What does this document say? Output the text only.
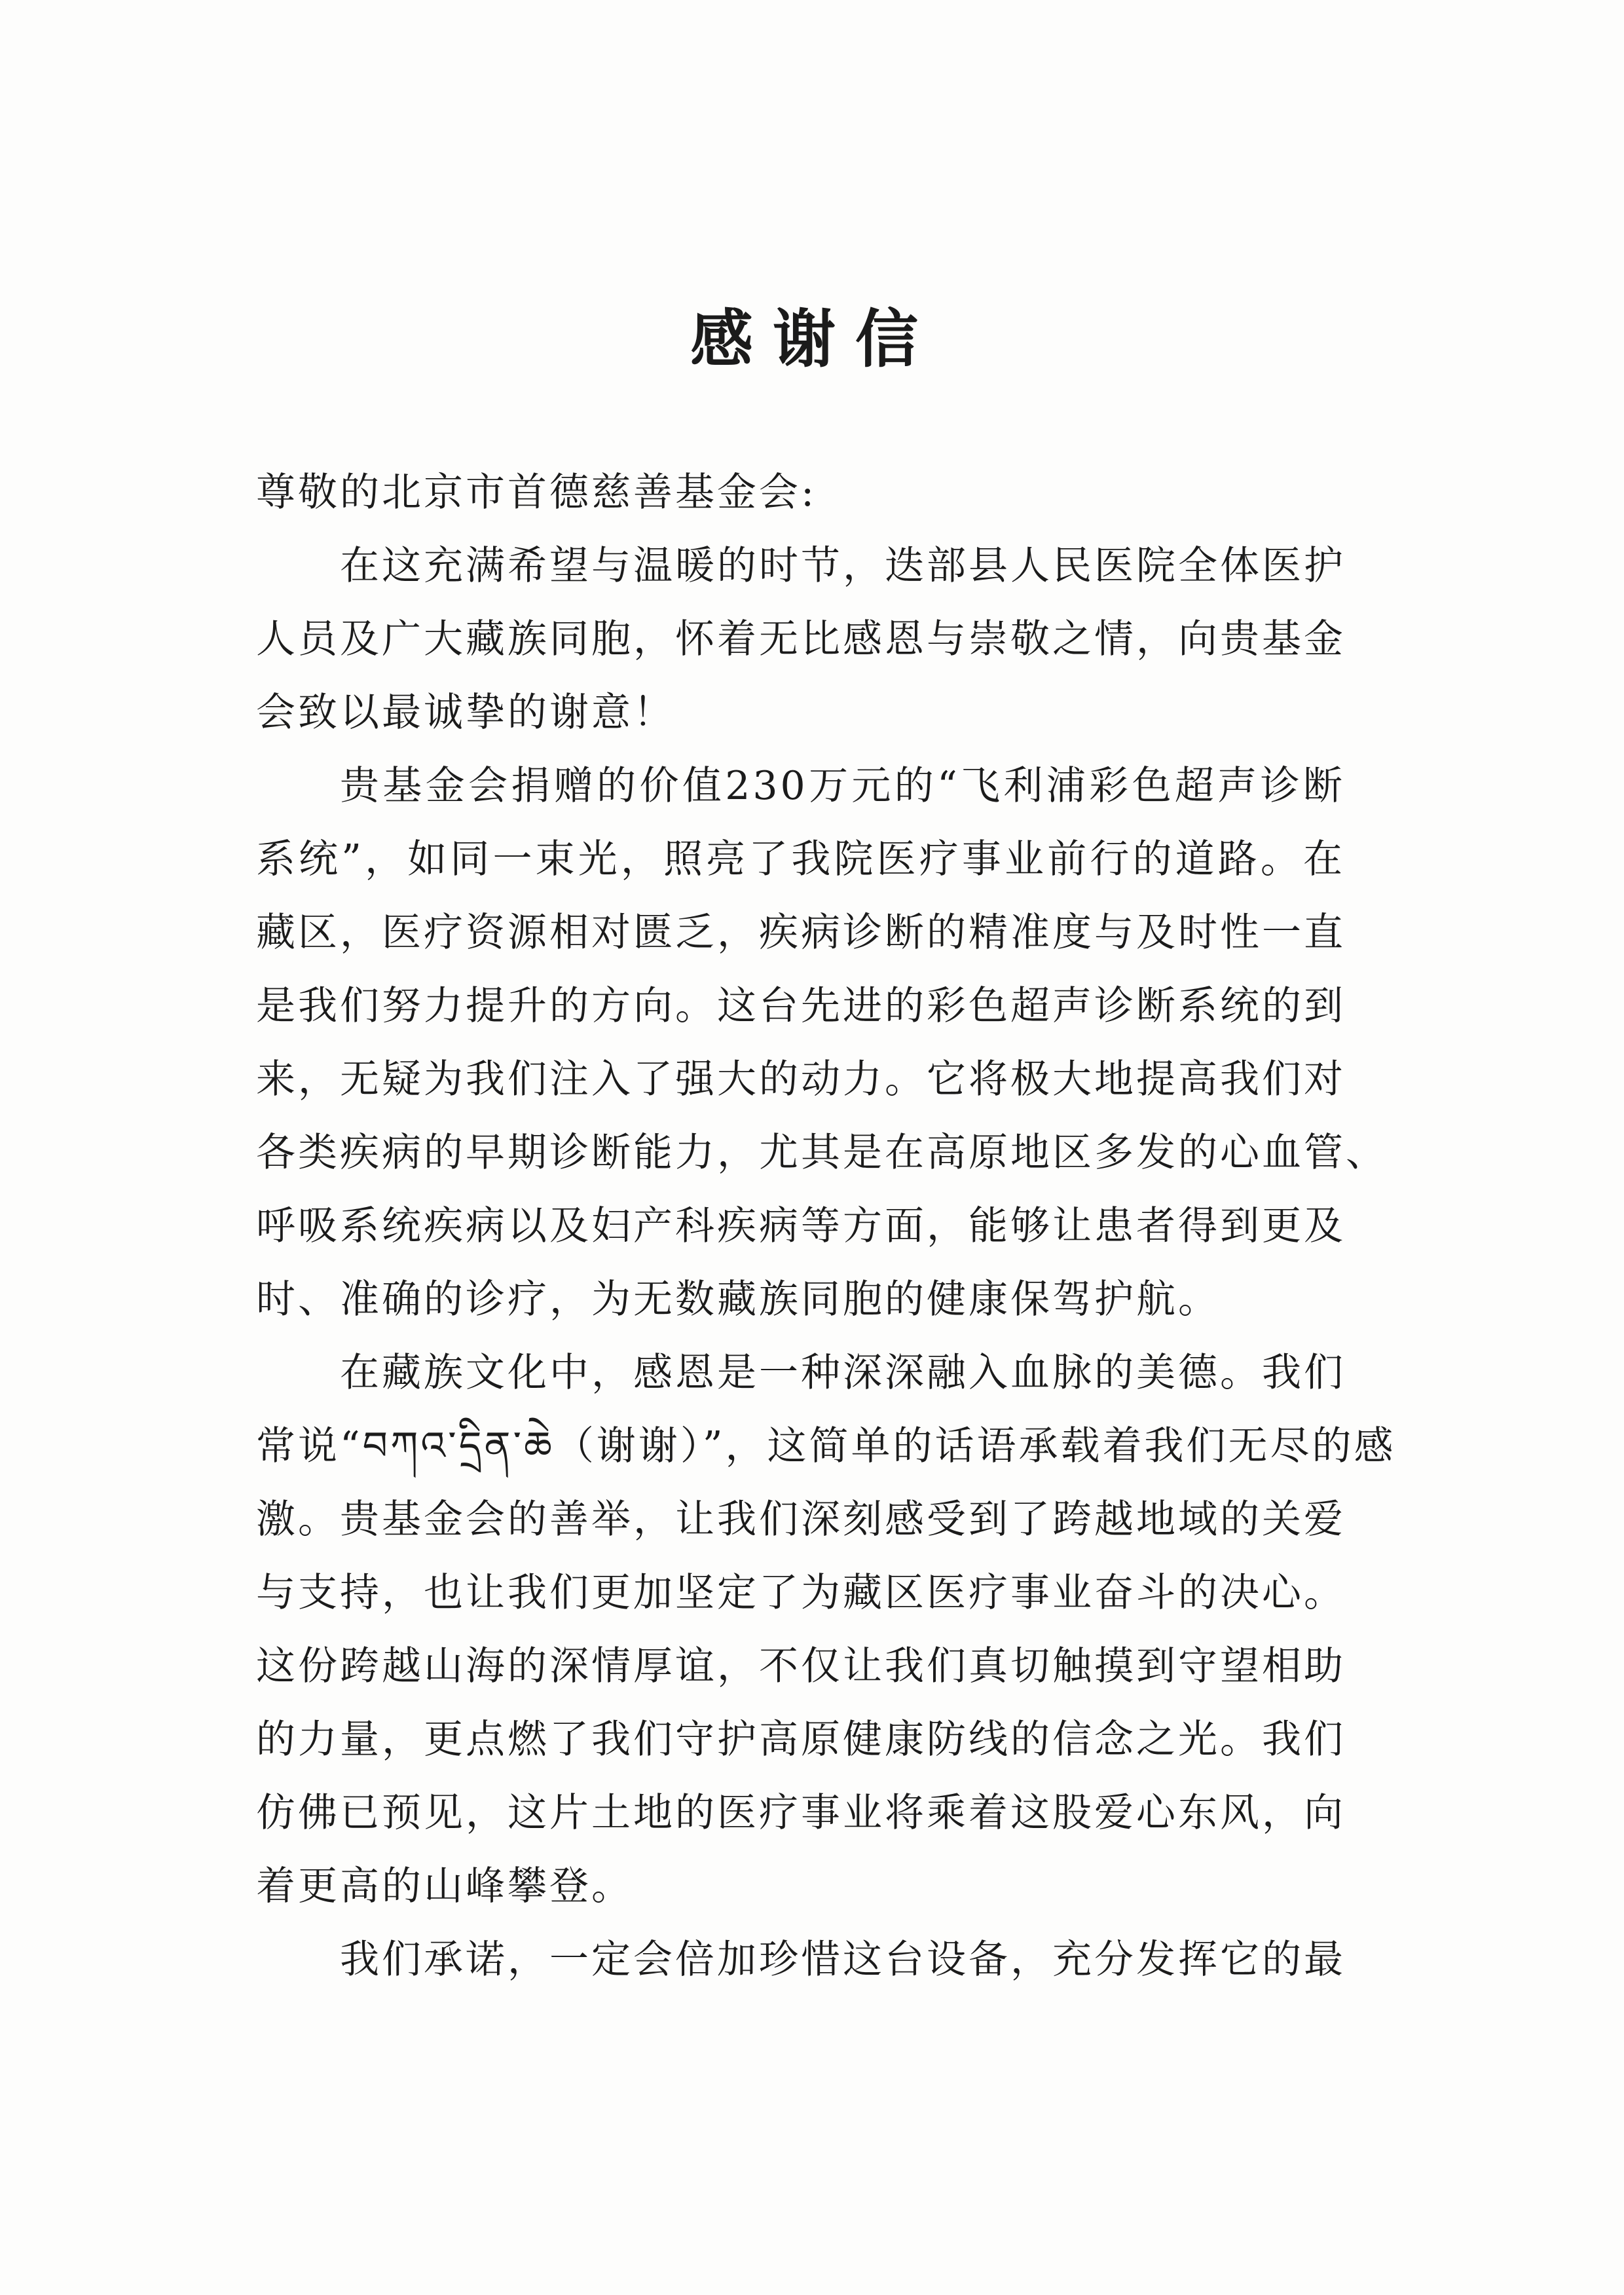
感谢信
尊敬的北京市首德慈善基金会:
在这充满希望与温暖的时节，迭部县人民医院全体医护
人员及广大藏族同胞，怀着无比感恩与崇敬之情，向贵基金
会致以最诚挚的谢意！
贵基金会捐赠的价值230万元的“飞利浦彩色超声诊断
系统”，如同一束光，照亮了我院医疗事业前行的道路。在
藏区，医疗资源相对匮乏，疾病诊断的精准度与及时性一直
是我们努力提升的方向。这台先进的彩色超声诊断系统的到
来，无疑为我们注入了强大的动力。它将极大地提高我们对
各类疾病的早期诊断能力，尤其是在高原地区多发的心血管、
呼吸系统疾病以及妇产科疾病等方面，能够让患者得到更及
时、准确的诊疗，为无数藏族同胞的健康保驾护航。
在藏族文化中，感恩是一种深深融入血脉的美德。我们
常说“བཀའ་དྲིན་ཆེ（谢谢）”，这简单的话语承载着我们无尽的感
激。贵基金会的善举，让我们深刻感受到了跨越地域的关爱
与支持，也让我们更加坚定了为藏区医疗事业奋斗的决心。
这份跨越山海的深情厚谊，不仅让我们真切触摸到守望相助
的力量，更点燃了我们守护高原健康防线的信念之光。我们
仿佛已预见，这片土地的医疗事业将乘着这股爱心东风，向
着更高的山峰攀登。
我们承诺，一定会倍加珍惜这台设备，充分发挥它的最
